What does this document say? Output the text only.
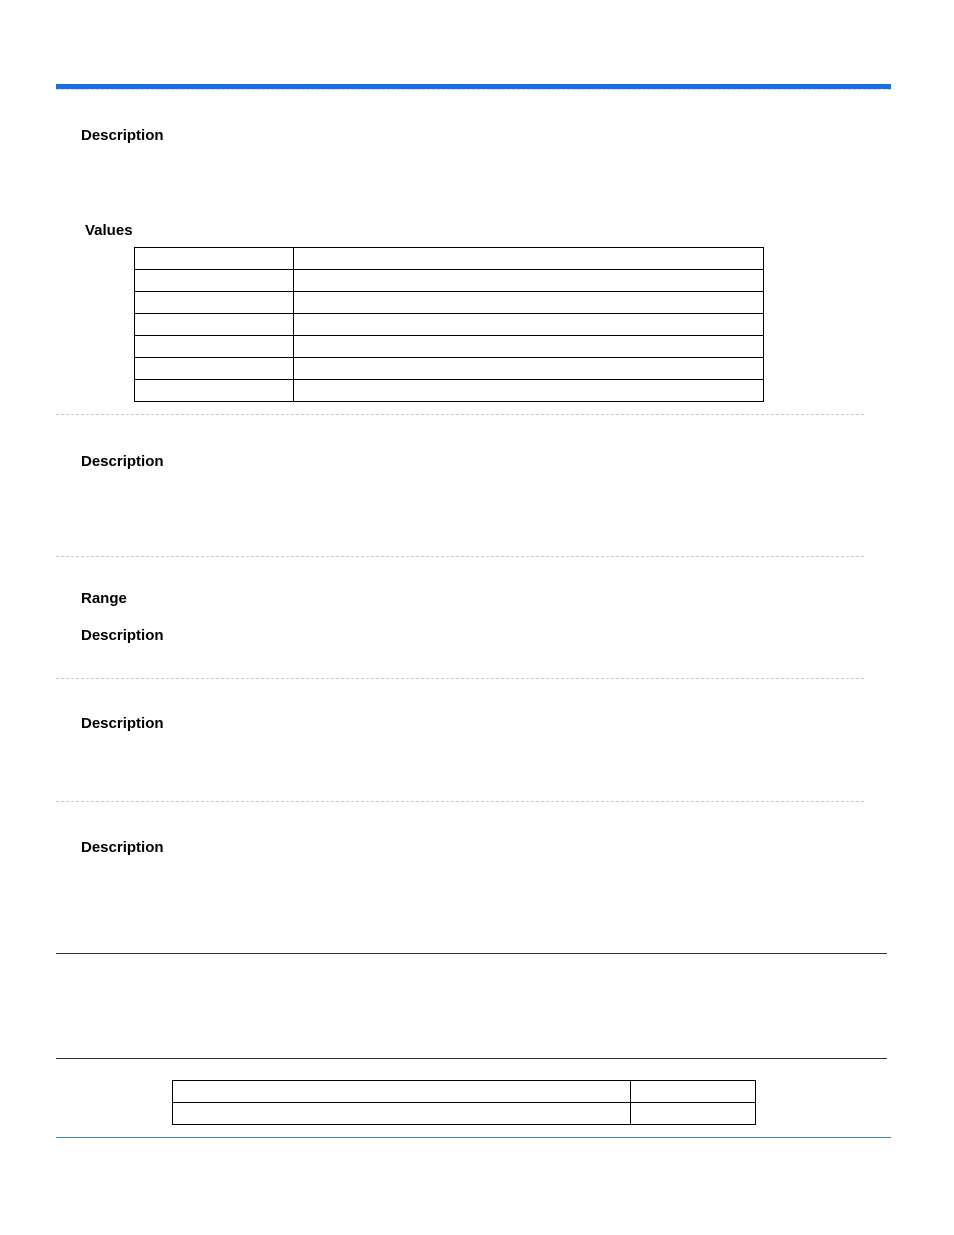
Description
Values

Description
Range
Description
Description
Description
